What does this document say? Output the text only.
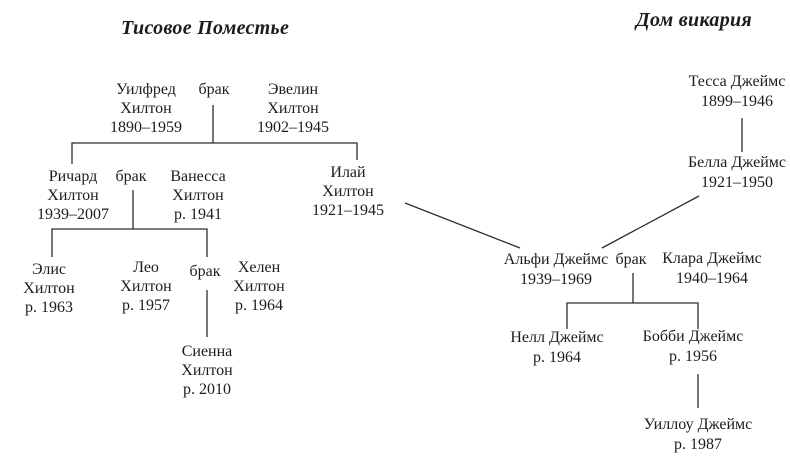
Тисовое Поместье	Дом викария
Уилфред
Хилтон
1890–1959
брак	Эвелин
Хилтон
1902–1945
Ричард
Хилтон
1939–2007
брак Ванесса
Хилтон
р. 1941
Илай
Хилтон
1921–1945
Элис
Хилтон
р. 1963
Лео
Хилтон
р. 1957
брак Хелен
Хилтон
р. 1964
Сиенна
Хилтон
р. 2010
Тесса Джеймс
1899–1946
Белла Джеймс
1921–1950
Альфи Джеймс
1939–1969
брак Клара Джеймс
1940–1964
Нелл Джеймс
р. 1964
Бобби Джеймс
р. 1956
Уиллоу Джеймс
р. 1987
